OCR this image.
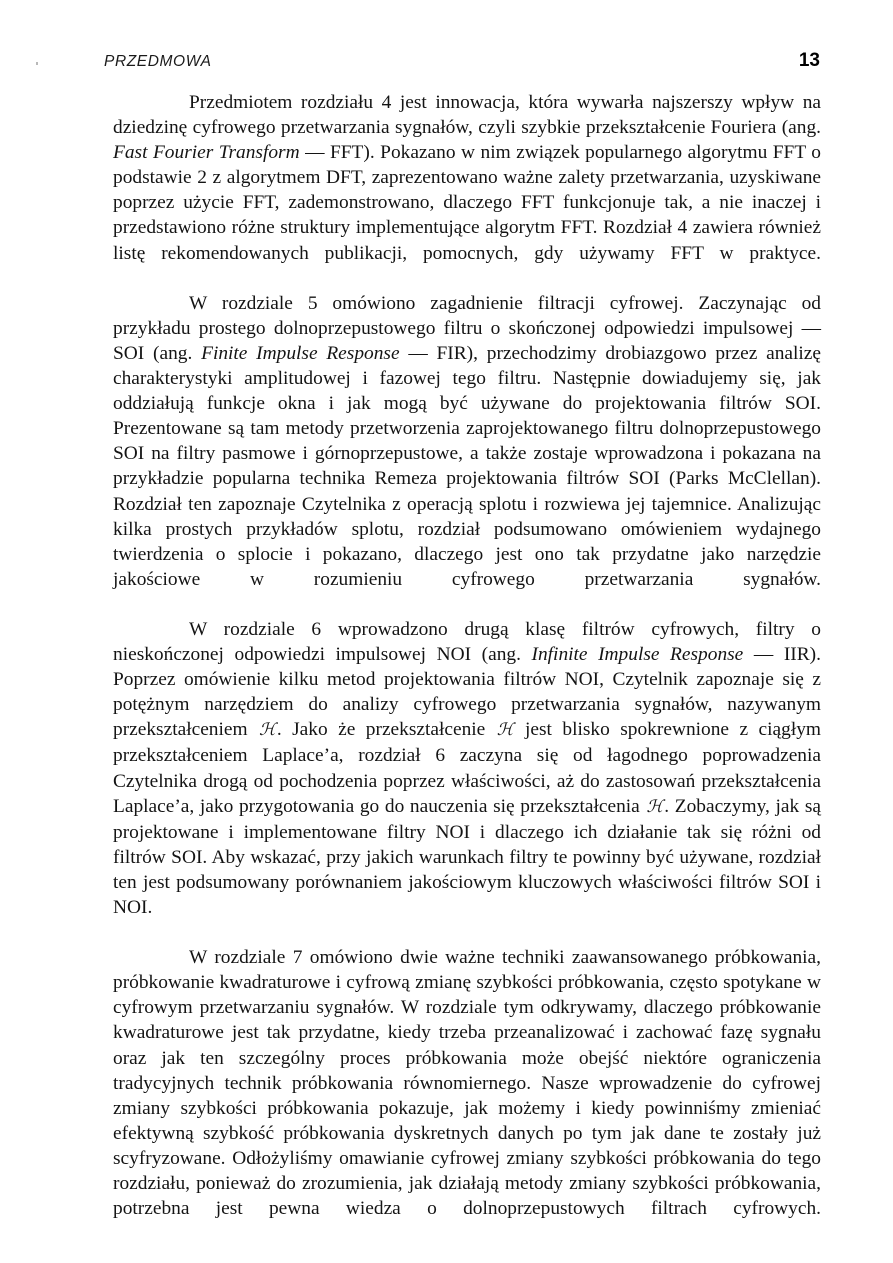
PRZEDMOWA	13

Przedmiotem rozdziału 4 jest innowacja, która wywarła najszerszy wpływ na dziedzinę cyfrowego przetwarzania sygnałów, czyli szybkie przekształcenie Fouriera (ang. Fast Fourier Transform — FFT). Pokazano w nim związek popularnego algorytmu FFT o podstawie 2 z algorytmem DFT, zaprezentowano ważne zalety przetwarzania, uzyskiwane poprzez użycie FFT, zademonstrowano, dlaczego FFT funkcjonuje tak, a nie inaczej i przedstawiono różne struktury implementujące algorytm FFT. Rozdział 4 zawiera również listę rekomendowanych publikacji, pomocnych, gdy używamy FFT w praktyce.

W rozdziale 5 omówiono zagadnienie filtracji cyfrowej. Zaczynając od przykładu prostego dolnoprzepustowego filtru o skończonej odpowiedzi impulsowej — SOI (ang. Finite Impulse Response — FIR), przechodzimy drobiazgowo przez analizę charakterystyki amplitudowej i fazowej tego filtru. Następnie dowiadujemy się, jak oddziałują funkcje okna i jak mogą być używane do projektowania filtrów SOI. Prezentowane są tam metody przetworzenia zaprojektowanego filtru dolnoprzepustowego SOI na filtry pasmowe i górnoprzepustowe, a także zostaje wprowadzona i pokazana na przykładzie popularna technika Remeza projektowania filtrów SOI (Parks McClellan). Rozdział ten zapoznaje Czytelnika z operacją splotu i rozwiewa jej tajemnice. Analizując kilka prostych przykładów splotu, rozdział podsumowano omówieniem wydajnego twierdzenia o splocie i pokazano, dlaczego jest ono tak przydatne jako narzędzie jakościowe w rozumieniu cyfrowego przetwarzania sygnałów.

W rozdziale 6 wprowadzono drugą klasę filtrów cyfrowych, filtry o nieskończonej odpowiedzi impulsowej NOI (ang. Infinite Impulse Response — IIR). Poprzez omówienie kilku metod projektowania filtrów NOI, Czytelnik zapoznaje się z potężnym narzędziem do analizy cyfrowego przetwarzania sygnałów, nazywanym przekształceniem ℋ. Jako że przekształcenie ℋ jest blisko spokrewnione z ciągłym przekształceniem Laplace’a, rozdział 6 zaczyna się od łagodnego poprowadzenia Czytelnika drogą od pochodzenia poprzez właściwości, aż do zastosowań przekształcenia Laplace’a, jako przygotowania go do nauczenia się przekształcenia ℋ. Zobaczymy, jak są projektowane i implementowane filtry NOI i dlaczego ich działanie tak się różni od filtrów SOI. Aby wskazać, przy jakich warunkach filtry te powinny być używane, rozdział ten jest podsumowany porównaniem jakościowym kluczowych właściwości filtrów SOI i NOI.

W rozdziale 7 omówiono dwie ważne techniki zaawansowanego próbkowania, próbkowanie kwadraturowe i cyfrową zmianę szybkości próbkowania, często spotykane w cyfrowym przetwarzaniu sygnałów. W rozdziale tym odkrywamy, dlaczego próbkowanie kwadraturowe jest tak przydatne, kiedy trzeba przeanalizować i zachować fazę sygnału oraz jak ten szczególny proces próbkowania może obejść niektóre ograniczenia tradycyjnych technik próbkowania równomiernego. Nasze wprowadzenie do cyfrowej zmiany szybkości próbkowania pokazuje, jak możemy i kiedy powinniśmy zmieniać efektywną szybkość próbkowania dyskretnych danych po tym jak dane te zostały już scyfryzowane. Odłożyliśmy omawianie cyfrowej zmiany szybkości próbkowania do tego rozdziału, ponieważ do zrozumienia, jak działają metody zmiany szybkości próbkowania, potrzebna jest pewna wiedza o dolnoprzepustowych filtrach cyfrowych.
